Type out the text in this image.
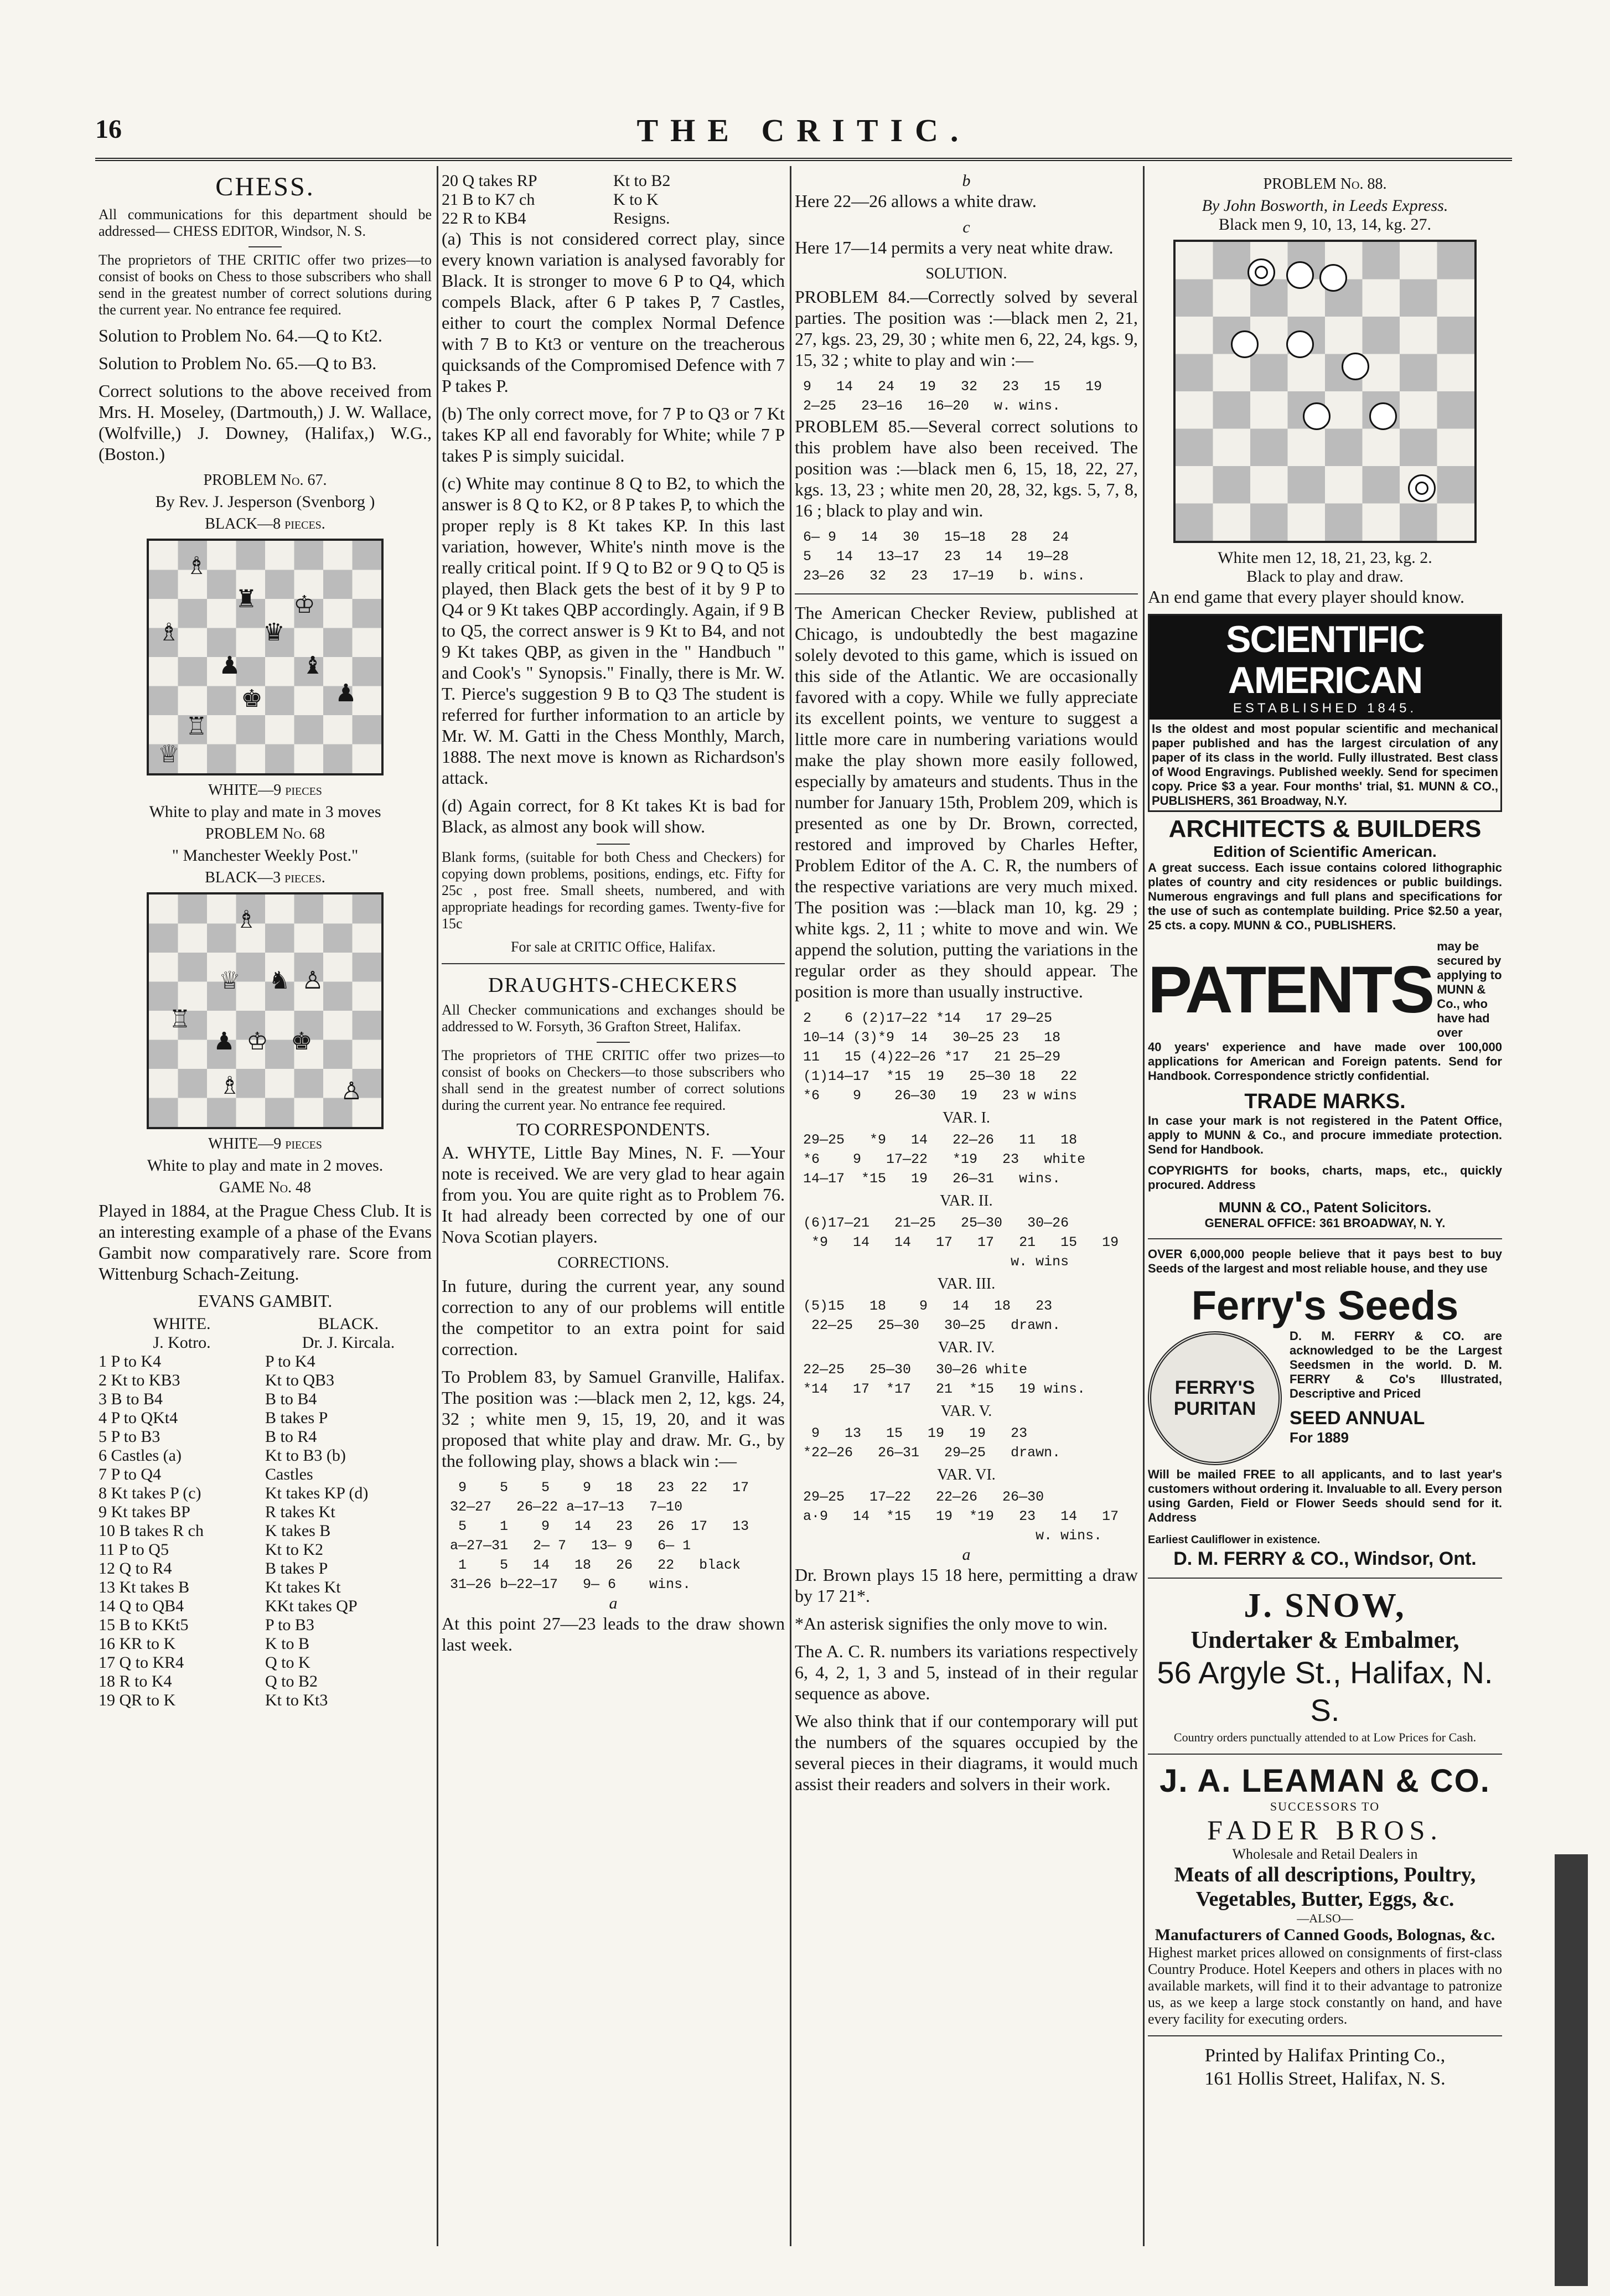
16	THE CRITIC.
CHESS.

All communications for this department should be addressed— CHESS EDITOR, Windsor, N. S.

The proprietors of THE CRITIC offer two prizes—to consist of books on Chess to those subscribers who shall send in the greatest number of correct solutions during the current year. No entrance fee required.

Solution to Problem No. 64.—Q to Kt2.

Solution to Problem No. 65.—Q to B3.

Correct solutions to the above received from Mrs. H. Moseley, (Dartmouth,) J. W. Wallace, (Wolfville,) J. Downey, (Halifax,) W.G., (Boston.)

PROBLEM No. 67.
By Rev. J. Jesperson (Svenborg )
BLACK—8 pieces.
♗
♜ ♔
♗	♛
♟	♝
♚
♖
♟
♕
WHITE—9 pieces
White to play and mate in 3 moves
PROBLEM No. 68
" Manchester Weekly Post."
BLACK—3 pieces.
♗
♕ ♞ ♙
♖
♟ ♔ ♚
♗	♙
WHITE—9 pieces
White to play and mate in 2 moves.
GAME No. 48

Played in 1884, at the Prague Chess Club. It is an interesting example of a phase of the Evans Gambit now comparatively rare. Score from Wittenburg Schach-Zeitung.

EVANS GAMBIT.
WHITE.	BLACK.
J. Kotro.	Dr. J. Kircala.
1 P to K4	P to K4
2 Kt to KB3	Kt to QB3
3 B to B4	B to B4
4 P to QKt4	B takes P
5 P to B3	B to R4
6 Castles (a)	Kt to B3 (b)
7 P to Q4	Castles
8 Kt takes P (c)	Kt takes KP (d)
9 Kt takes BP	R takes Kt
10 B takes R ch	K takes B
11 P to Q5	Kt to K2
12 Q to R4	B takes P
13 Kt takes B	Kt takes Kt
14 Q to QB4	KKt takes QP
15 B to KKt5	P to B3
16 KR to K	K to B
17 Q to KR4	Q to K
18 R to K4	Q to B2
19 QR to K	Kt to Kt3
20 Q takes RP	Kt to B2
21 B to K7 ch	K to K
22 R to KB4	Resigns.

(a) This is not considered correct play, since every known variation is analysed favorably for Black. It is stronger to move 6 P to Q4, which compels Black, after 6 P takes P, 7 Castles, either to court the complex Normal Defence with 7 B to Kt3 or venture on the treacherous quicksands of the Compromised Defence with 7 P takes P.

(b) The only correct move, for 7 P to Q3 or 7 Kt takes KP all end favorably for White; while 7 P takes P is simply suicidal.

(c) White may continue 8 Q to B2, to which the answer is 8 Q to K2, or 8 P takes P, to which the proper reply is 8 Kt takes KP. In this last variation, however, White's ninth move is the really critical point. If 9 Q to B2 or 9 Q to Q5 is played, then Black gets the best of it by 9 P to Q4 or 9 Kt takes QBP accordingly. Again, if 9 B to Q5, the correct answer is 9 Kt to B4, and not 9 Kt takes QBP, as given in the " Handbuch " and Cook's " Synopsis." Finally, there is Mr. W. T. Pierce's suggestion 9 B to Q3 The student is referred for further information to an article by Mr. W. M. Gatti in the Chess Monthly, March, 1888. The next move is known as Richardson's attack.

(d) Again correct, for 8 Kt takes Kt is bad for Black, as almost any book will show.

Blank forms, (suitable for both Chess and Checkers) for copying down problems, positions, endings, etc. Fifty for 25c , post free. Small sheets, numbered, and with appropriate headings for recording games. Twenty-five for 15c

For sale at CRITIC Office, Halifax.

DRAUGHTS-CHECKERS

All Checker communications and exchanges should be addressed to W. Forsyth, 36 Grafton Street, Halifax.

The proprietors of THE CRITIC offer two prizes—to consist of books on Checkers—to those subscribers who shall send in the greatest number of correct solutions during the current year. No entrance fee required.

TO CORRESPONDENTS.

A. WHYTE, Little Bay Mines, N. F. —Your note is received. We are very glad to hear again from you. You are quite right as to Problem 76. It had already been corrected by one of our Nova Scotian players.

CORRECTIONS.

In future, during the current year, any sound correction to any of our problems will entitle the competitor to an extra point for said correction.

To Problem 83, by Samuel Granville, Halifax. The position was :—black men 2, 12, kgs. 24, 32 ; white men 9, 15, 19, 20, and it was proposed that white play and draw. Mr. G., by the following play, shows a black win :—

9    5    5    9   18   23  22   17
32—27   26—22 a—17—13   7—10
5    1    9   14   23   26  17   13
a—27—31   2— 7   13— 9   6— 1
1    5   14   18   26   22   black
31—26 b—22—17   9— 6    wins.
a

At this point 27—23 leads to the draw shown last week.

b

Here 22—26 allows a white draw.

c

Here 17—14 permits a very neat white draw.

SOLUTION.

PROBLEM 84.—Correctly solved by several parties. The position was :—black men 2, 21, 27, kgs. 23, 29, 30 ; white men 6, 22, 24, kgs. 9, 15, 32 ; white to play and win :—

9   14   24   19   32   23   15   19
2—25   23—16   16—20   w. wins.

PROBLEM 85.—Several correct solutions to this problem have also been received. The position was :—black men 6, 15, 18, 22, 27, kgs. 13, 23 ; white men 20, 28, 32, kgs. 5, 7, 8, 16 ; black to play and win.

6— 9   14   30   15—18   28   24
5   14   13—17   23   14   19—28
23—26   32   23   17—19   b. wins.

The American Checker Review, published at Chicago, is undoubtedly the best magazine solely devoted to this game, which is issued on this side of the Atlantic. We are occasionally favored with a copy. While we fully appreciate its excellent points, we venture to suggest a little more care in numbering variations would make the play shown more easily followed, especially by amateurs and students. Thus in the number for January 15th, Problem 209, which is presented as one by Dr. Brown, corrected, restored and improved by Charles Hefter, Problem Editor of the A. C. R, the numbers of the respective variations are very much mixed. The position was :—black man 10, kg. 29 ; white kgs. 2, 11 ; white to move and win. We append the solution, putting the variations in the regular order as they should appear. The position is more than usually instructive.

2    6 (2)17—22 *14   17 29—25
10—14 (3)*9  14   30—25 23   18
11   15 (4)22—26 *17   21 25—29
(1)14—17  *15  19   25—30 18   22
*6    9    26—30   19   23 w wins
VAR. I.
29—25   *9   14   22—26   11   18
*6    9   17—22   *19   23   white
14—17  *15   19   26—31   wins.
VAR. II.
(6)17—21   21—25   25—30   30—26
*9   14   14   17   17   21   15   19
w. wins
VAR. III.
(5)15   18    9   14   18   23
22—25   25—30   30—25   drawn.
VAR. IV.
22—25   25—30   30—26 white
*14   17  *17   21  *15   19 wins.
VAR. V.
9   13   15   19   19   23
*22—26   26—31   29—25   drawn.
VAR. VI.
29—25   17—22   22—26   26—30
a·9   14  *15   19  *19   23   14   17
w. wins.
a

Dr. Brown plays 15 18 here, permitting a draw by 17 21*.

*An asterisk signifies the only move to win.

The A. C. R. numbers its variations respectively 6, 4, 2, 1, 3 and 5, instead of in their regular sequence as above.

We also think that if our contemporary will put the numbers of the squares occupied by the several pieces in their diagrams, it would much assist their readers and solvers in their work.

PROBLEM No. 88.
By John Bosworth, in Leeds Express.
Black men 9, 10, 13, 14, kg. 27.
White men 12, 18, 21, 23, kg. 2.
Black to play and draw.

An end game that every player should know.

SCIENTIFIC AMERICAN
ESTABLISHED 1845.

Is the oldest and most popular scientific and mechanical paper published and has the largest circulation of any paper of its class in the world. Fully illustrated. Best class of Wood Engravings. Published weekly. Send for specimen copy. Price $3 a year. Four months' trial, $1. MUNN & CO., PUBLISHERS, 361 Broadway, N.Y.

ARCHITECTS & BUILDERS
Edition of Scientific American.

A great success. Each issue contains colored lithographic plates of country and city residences or public buildings. Numerous engravings and full plans and specifications for the use of such as contemplate building. Price $2.50 a year, 25 cts. a copy. MUNN & CO., PUBLISHERS.

PATENTS
may be secured by applying to MUNN & Co., who have had over

40 years' experience and have made over 100,000 applications for American and Foreign patents. Send for Handbook. Correspondence strictly confidential.

TRADE MARKS.

In case your mark is not registered in the Patent Office, apply to MUNN & Co., and procure immediate protection. Send for Handbook.

COPYRIGHTS for books, charts, maps, etc., quickly procured. Address

MUNN & CO., Patent Solicitors.
GENERAL OFFICE: 361 BROADWAY, N. Y.

OVER 6,000,000 people believe that it pays best to buy Seeds of the largest and most reliable house, and they use

Ferry's Seeds
FERRY'S PURITAN

D. M. FERRY & CO. are acknowledged to be the Largest Seedsmen in the world. D. M. FERRY & Co's Illustrated, Descriptive and Priced

SEED ANNUAL
For 1889

Will be mailed FREE to all applicants, and to last year's customers without ordering it. Invaluable to all. Every person using Garden, Field or Flower Seeds should send for it. Address

Earliest Cauliflower in existence.
D. M. FERRY & CO., Windsor, Ont.
J. SNOW,
Undertaker & Embalmer,
56 Argyle St., Halifax, N. S.

Country orders punctually attended to at Low Prices for Cash.

J. A. LEAMAN & CO.
SUCCESSORS TO
FADER BROS.
Wholesale and Retail Dealers in
Meats of all descriptions, Poultry, Vegetables, Butter, Eggs, &c.
—ALSO—
Manufacturers of Canned Goods, Bolognas, &c.

Highest market prices allowed on consignments of first-class Country Produce. Hotel Keepers and others in places with no available markets, will find it to their advantage to patronize us, as we keep a large stock constantly on hand, and have every facility for executing orders.

Printed by Halifax Printing Co.,
161 Hollis Street, Halifax, N. S.
